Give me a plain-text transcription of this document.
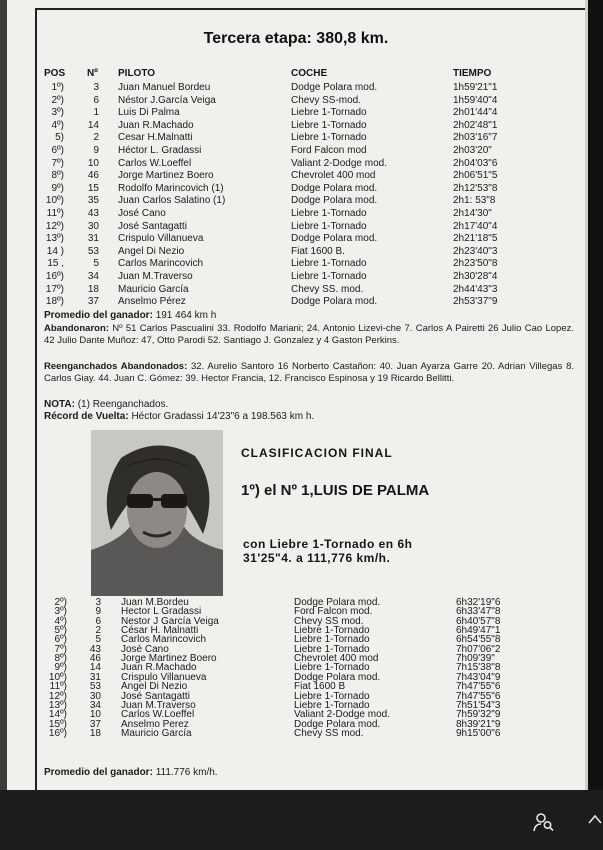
Tercera etapa: 380,8 km.
POS Nº PILOTO	COCHE	TIEMPO
1º)	3 Juan Manuel Bordeu	Dodge Polara mod.	1h59'21"1
2º)	6 Néstor J.García Veiga	Chevy SS-mod.	1h59'40"4
3º)	1 Luis Di Palma	Liebre 1-Tornado	2h01'44"4
4º)	14 Juan R.Machado	Liebre 1-Tornado	2h02'48"1
5)	2 Cesar H.Malnatti	Liebre 1-Tornado	2h03'16"7
6º)	9 Héctor L. Gradassi	Ford Falcon mod	2h03'20"
7º)	10 Carlos W.Loeffel	Valiant 2-Dodge mod.	2h04'03"6
8º)	46 Jorge Martinez Boero	Chevrolet 400 mod	2h06'51"5
9º)	15 Rodolfo Marincovich (1)	Dodge Polara mod.	2h12'53"8
10º)	35 Juan Carlos Salatino (1)	Dodge Polara mod.	2h1: 53"8
11º)	43 José Cano	Liebre 1-Tornado	2h14'30"
12º)	30 José Santagatti	Liebre 1-Tornado	2h17'40"4
13º)	31 Crispulo Villanueva	Dodge Polara mod.	2h21'18"5
14 )	53 Angel Di Nezio	Fiat 1600 B.	2h23'40"3
15 ,	5 Carlos Marincovich	Liebre 1-Tornado	2h23'50"8
16º)	34 Juan M.Traverso	Liebre 1-Tornado	2h30'28"4
17º)	18 Mauricio García	Chevy SS. mod.	2h44'43"3
18º)	37 Anselmo Pérez	Dodge Polara mod.	2h53'37"9
Promedio del ganador: 191 464 km h
Abandonaron: Nº 51 Carlos Pascualini 33. Rodolfo Mariani; 24. Antonio Lizevi-che 7. Carlos A Pairetti 26 Julio Cao Lopez. 42 Julio Dante Muñoz: 47, Otto Parodi 52. Santiago J. Gonzalez y 4 Gaston Perkins.
Reenganchados Abandonados: 32. Aurelio Santoro 16 Norberto Castañon: 40. Juan Ayarza Garre 20. Adrian Villegas 8. Carlos Giay. 44. Juan C. Gómez: 39. Hector Francia, 12. Francisco Espinosa y 19 Ricardo Bellitti.
NOTA: (1) Reenganchados.
Récord de Vuelta: Héctor Gradassi 14'23"6 a 198.563 km h.
CLASIFICACION FINAL
1º) el Nº 1,LUIS DE PALMA
con Liebre 1-Tornado en 6h 31'25"4. a 111,776 km/h.
2º)	3 Juan M.Bordeu	Dodge Polara mod.	6h32'19"6
3º)	9 Hector L Gradassi	Ford Falcon mod.	6h33'47"8
4º)	6 Nestor J García Veiga	Chevy SS mod.	6h40'57"8
5º)	2 César H. Malnatti	Liebre 1-Tornado	6h49'47"1
6º)	5 Carlos Marincovich	Liebre 1-Tornado	6h54'55"8
7º)	43 José Cano	Liebre 1-Tornado	7h07'06"2
8º)	46 Jorge Martinez Boero	Chevrolet 400 mod	7h09'39"
9º)	14 Juan R.Machado	Liebre 1-Tornado	7h15'38"8
10º)	31 Crispulo Villanueva	Dodge Polara mod.	7h43'04"9
11º)	53 Angel Di Nezio	Fiat 1600 B	7h47'55"6
12º)	30 José Santagatti	Liebre 1-Tornado	7h47'55"6
13º)	34 Juan M.Traverso	Liebre 1-Tornado	7h51'54"3
14º)	10 Carlos W.Loeffel	Valiant 2-Dodge mod.	7h59'32"9
15º)	37 Anselmo Perez	Dodge Polara mod.	8h39'21"9
16º)	18 Mauricio García	Chevy SS mod.	9h15'00"6
Promedio del ganador: 111.776 km/h.
